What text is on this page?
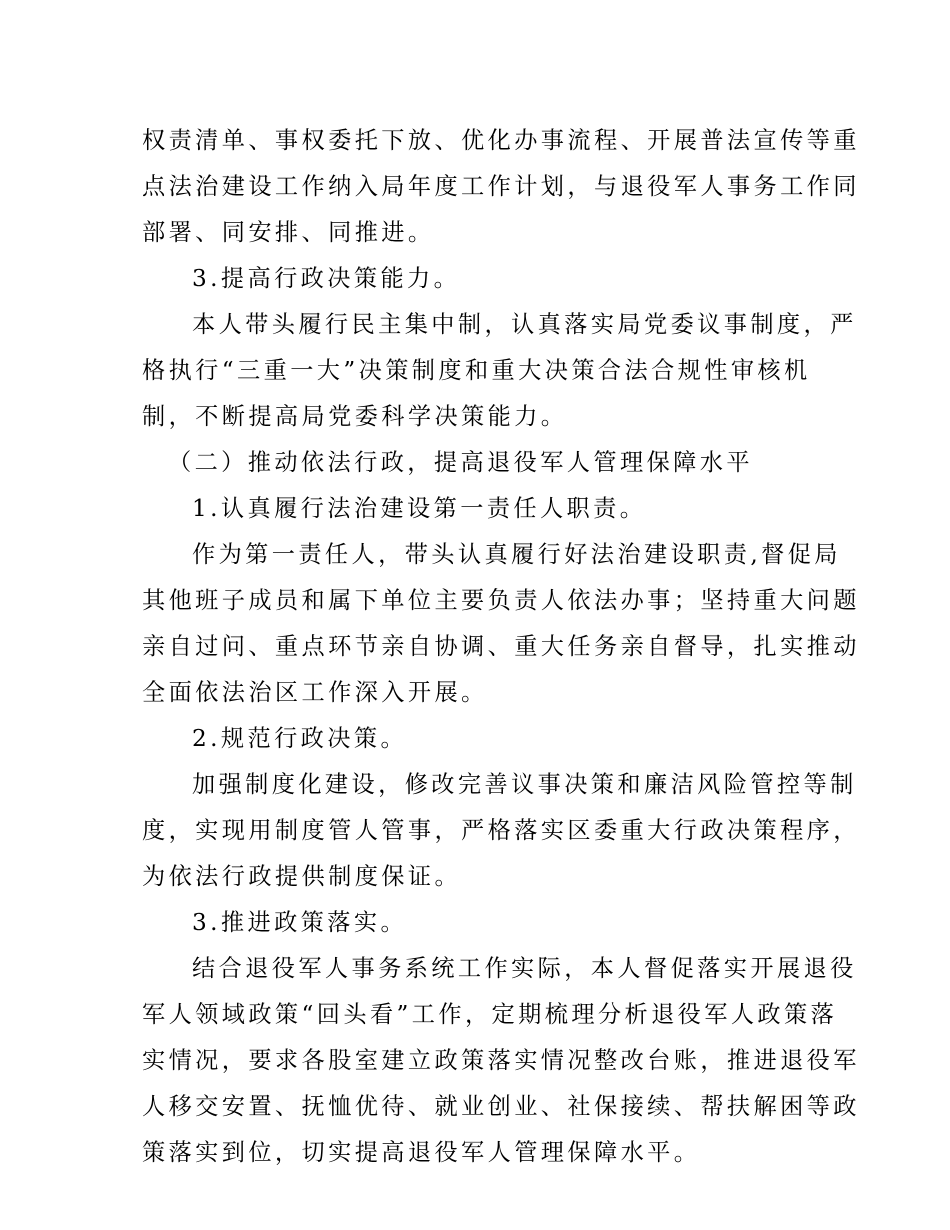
权责清单、事权委托下放、优化办事流程、开展普法宣传等重
点法治建设工作纳入局年度工作计划，与退役军人事务工作同
部署、同安排、同推进。
3.提高行政决策能力。
本人带头履行民主集中制，认真落实局党委议事制度，严
格执行“三重一大”决策制度和重大决策合法合规性审核机
制，不断提高局党委科学决策能力。
（二）推动依法行政，提高退役军人管理保障水平
1.认真履行法治建设第一责任人职责。
作为第一责任人，带头认真履行好法治建设职责,督促局
其他班子成员和属下单位主要负责人依法办事；坚持重大问题
亲自过问、重点环节亲自协调、重大任务亲自督导，扎实推动
全面依法治区工作深入开展。
2.规范行政决策。
加强制度化建设，修改完善议事决策和廉洁风险管控等制
度，实现用制度管人管事，严格落实区委重大行政决策程序，
为依法行政提供制度保证。
3.推进政策落实。
结合退役军人事务系统工作实际，本人督促落实开展退役
军人领域政策“回头看”工作，定期梳理分析退役军人政策落
实情况，要求各股室建立政策落实情况整改台账，推进退役军
人移交安置、抚恤优待、就业创业、社保接续、帮扶解困等政
策落实到位，切实提高退役军人管理保障水平。
